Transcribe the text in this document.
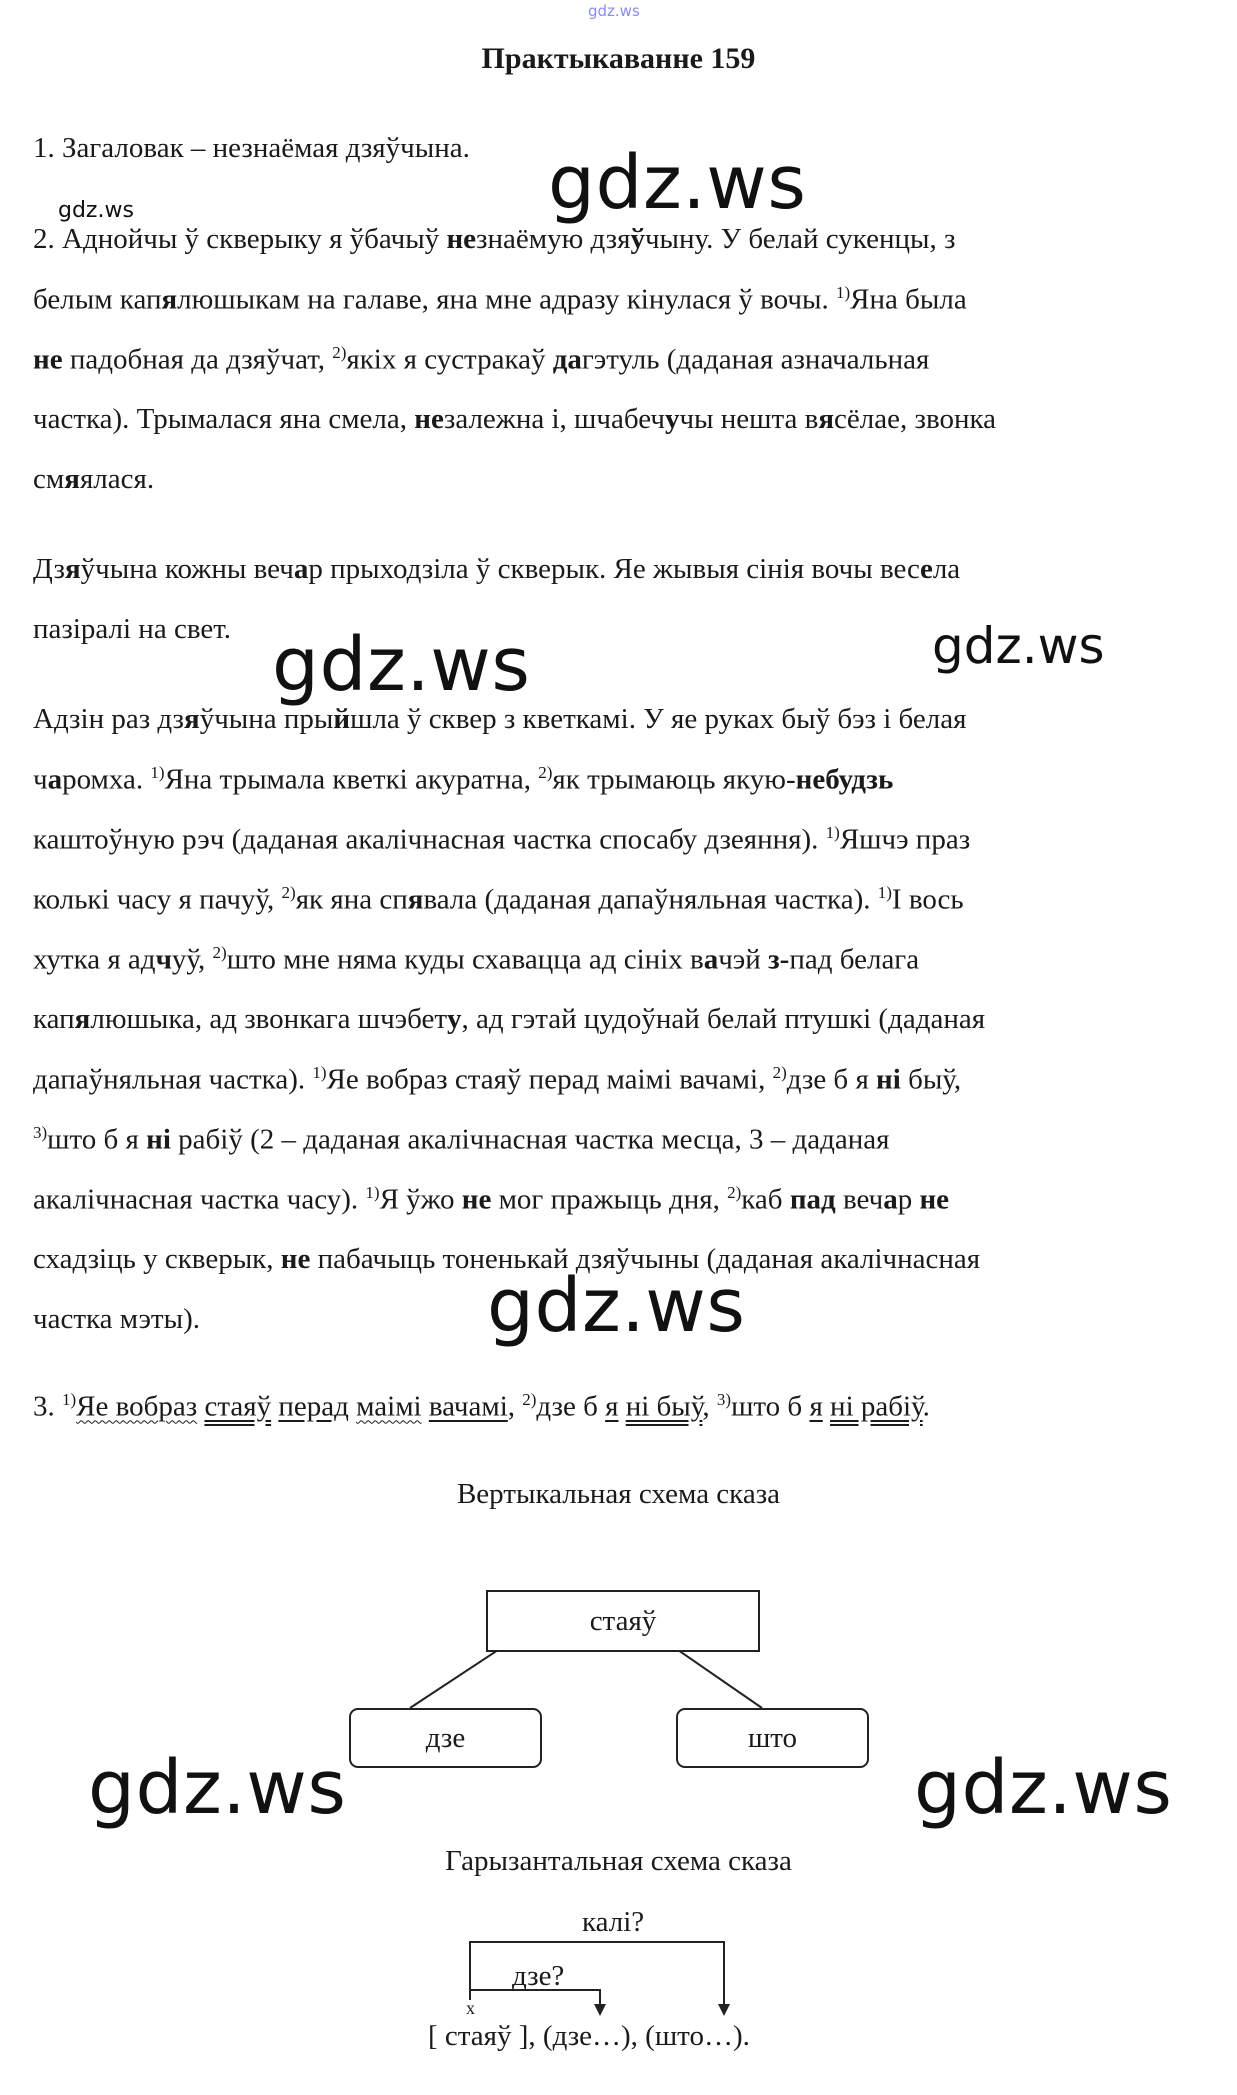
gdz.ws
gdz.ws	gdz.ws
gdz.ws	gdz.ws
gdz.ws
gdz.ws	gdz.ws
Практыкаванне 159
1. Загаловак – незнаёмая дзяўчына.
2. Аднойчы ў скверыку я ўбачыў незнаёмую дзяўчыну. У белай сукенцы, з
белым капялюшыкам на галаве, яна мне адразу кінулася ў вочы. $^{1)}$Яна была
не падобная да дзяўчат, $^{2)}$якіх я сустракаў дагэтуль (даданая азначальная
частка). Трымалася яна смела, незалежна і, шчабечучы нешта вясёлае, звонка
смяялася.
Дзяўчына кожны вечар прыходзіла ў скверык. Яе жывыя сінія вочы весела
пазіралі на свет.
Адзін раз дзяўчына прыйшла ў сквер з кветкамі. У яе руках быў бэз і белая
чаромха. $^{1)}$Яна трымала кветкі акуратна, $^{2)}$як трымаюць якую-небудзь
каштоўную рэч (даданая акалічнасная частка спосабу дзеяння). $^{1)}$Яшчэ праз
колькі часу я пачуў, $^{2)}$як яна спявала (даданая дапаўняльная частка). $^{1)}$І вось
хутка я адчуў, $^{2)}$што мне няма куды схавацца ад сініх вачэй з-пад белага
капялюшыка, ад звонкага шчэбету, ад гэтай цудоўнай белай птушкі (даданая
дапаўняльная частка). $^{1)}$Яе вобраз стаяў перад маімі вачамі, $^{2)}$дзе б я ні быў,
$^{3)}$што б я ні рабіў (2 – даданая акалічнасная частка месца, 3 – даданая
акалічнасная частка часу). $^{1)}$Я ўжо не мог пражыць дня, $^{2)}$каб пад вечар не
схадзіць у скверык, не пабачыць тоненькай дзяўчыны (даданая акалічнасная
частка мэты).
3. $^{1)}$Яе вобраз стаяў перад маімі вачамі, $^{2)}$дзе б я ні быў, $^{3)}$што б я ні рабіў.
Вертыкальная схема сказа
стаяў
дзе	што
Гарызантальная схема сказа
калі?
дзе?
x
[ стаяў ], (дзе…), (што…).
